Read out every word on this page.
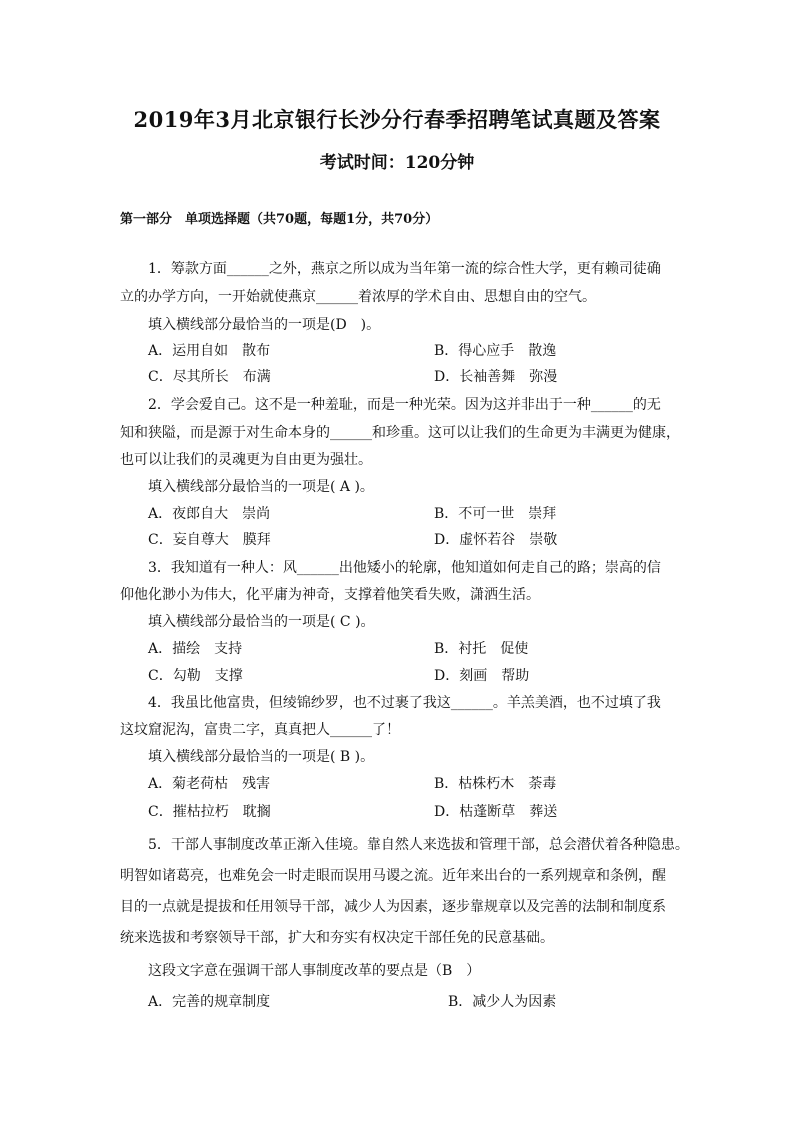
2019年3月北京银行长沙分行春季招聘笔试真题及答案
考试时间：120分钟
第一部分　单项选择题（共70题，每题1分，共70分）
1．筹款方面______之外，燕京之所以成为当年第一流的综合性大学，更有赖司徒确
立的办学方向，一开始就使燕京______着浓厚的学术自由、思想自由的空气。
填入横线部分最恰当的一项是(D　)。
A．运用自如　散布	B．得心应手　散逸
C．尽其所长　布满	D．长袖善舞　弥漫
2．学会爱自己。这不是一种羞耻，而是一种光荣。因为这并非出于一种______的无
知和狭隘，而是源于对生命本身的______和珍重。这可以让我们的生命更为丰满更为健康，
也可以让我们的灵魂更为自由更为强壮。
填入横线部分最恰当的一项是( A )。
A．夜郎自大　崇尚	B．不可一世　崇拜
C．妄自尊大　膜拜	D．虚怀若谷　崇敬
3．我知道有一种人：风______出他矮小的轮廓，他知道如何走自己的路；崇高的信
仰他化渺小为伟大，化平庸为神奇，支撑着他笑看失败，潇洒生活。
填入横线部分最恰当的一项是( C )。
A．描绘　支持	B．衬托　促使
C．勾勒　支撑	D．刻画　帮助
4．我虽比他富贵，但绫锦纱罗，也不过裹了我这______。羊羔美酒，也不过填了我
这坟窟泥沟，富贵二字，真真把人______了！
填入横线部分最恰当的一项是( B )。
A．菊老荷枯　残害	B．枯株朽木　荼毒
C．摧枯拉朽　耽搁	D．枯蓬断草　葬送
5．干部人事制度改革正渐入佳境。靠自然人来选拔和管理干部，总会潜伏着各种隐患。
明智如诸葛亮，也难免会一时走眼而误用马谡之流。近年来出台的一系列规章和条例，醒
目的一点就是提拔和任用领导干部，减少人为因素，逐步靠规章以及完善的法制和制度系
统来选拔和考察领导干部，扩大和夯实有权决定干部任免的民意基础。
这段文字意在强调干部人事制度改革的要点是（B　）
A．完善的规章制度	B．减少人为因素
